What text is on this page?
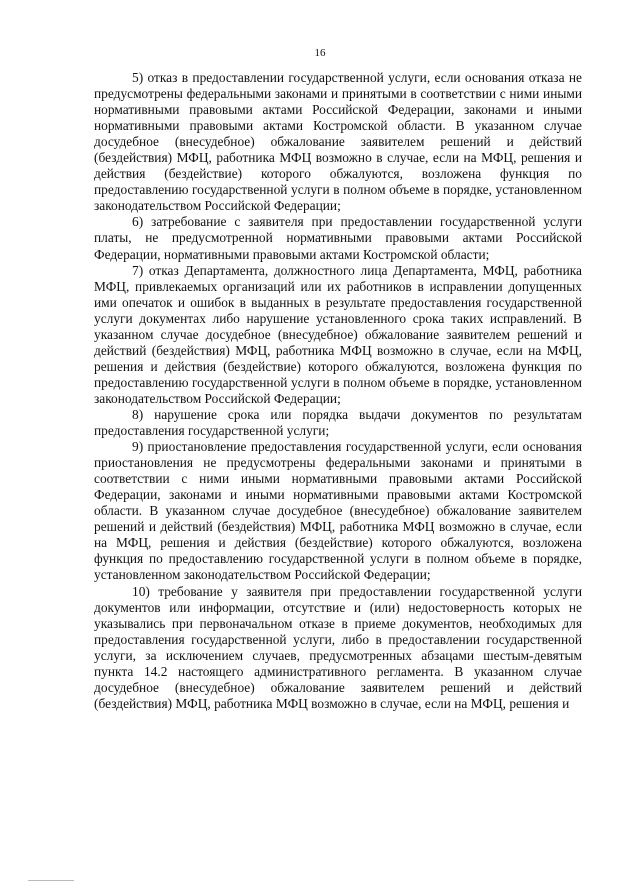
16

5) отказ в предоставлении государственной услуги, если основания отказа не предусмотрены федеральными законами и принятыми в соответствии с ними иными нормативными правовыми актами Российской Федерации, законами и иными нормативными правовыми актами Костромской области. В указанном случае досудебное (внесудебное) обжалование заявителем решений и действий (бездействия) МФЦ, работника МФЦ возможно в случае, если на МФЦ, решения и действия (бездействие) которого обжалуются, возложена функция по предоставлению государственной услуги в полном объеме в порядке, установленном законодательством Российской Федерации;

6) затребование с заявителя при предоставлении государственной услуги платы, не предусмотренной нормативными правовыми актами Российской Федерации, нормативными правовыми актами Костромской области;

7) отказ Департамента, должностного лица Департамента, МФЦ, работника МФЦ, привлекаемых организаций или их работников в исправлении допущенных ими опечаток и ошибок в выданных в результате предоставления государственной услуги документах либо нарушение установленного срока таких исправлений. В указанном случае досудебное (внесудебное) обжалование заявителем решений и действий (бездействия) МФЦ, работника МФЦ возможно в случае, если на МФЦ, решения и действия (бездействие) которого обжалуются, возложена функция по предоставлению государственной услуги в полном объеме в порядке, установленном законодательством Российской Федерации;

8) нарушение срока или порядка выдачи документов по результатам предоставления государственной услуги;

9) приостановление предоставления государственной услуги, если основания приостановления не предусмотрены федеральными законами и принятыми в соответствии с ними иными нормативными правовыми актами Российской Федерации, законами и иными нормативными правовыми актами Костромской области. В указанном случае досудебное (внесудебное) обжалование заявителем решений и действий (бездействия) МФЦ, работника МФЦ возможно в случае, если на МФЦ, решения и действия (бездействие) которого обжалуются, возложена функция по предоставлению государственной услуги в полном объеме в порядке, установленном законодательством Российской Федерации;

10) требование у заявителя при предоставлении государственной услуги документов или информации, отсутствие и (или) недостоверность которых не указывались при первоначальном отказе в приеме документов, необходимых для предоставления государственной услуги, либо в предоставлении государственной услуги, за исключением случаев, предусмотренных абзацами шестым-девятым пункта 14.2 настоящего административного регламента. В указанном случае досудебное (внесудебное) обжалование заявителем решений и действий (бездействия) МФЦ, работника МФЦ возможно в случае, если на МФЦ, решения и
